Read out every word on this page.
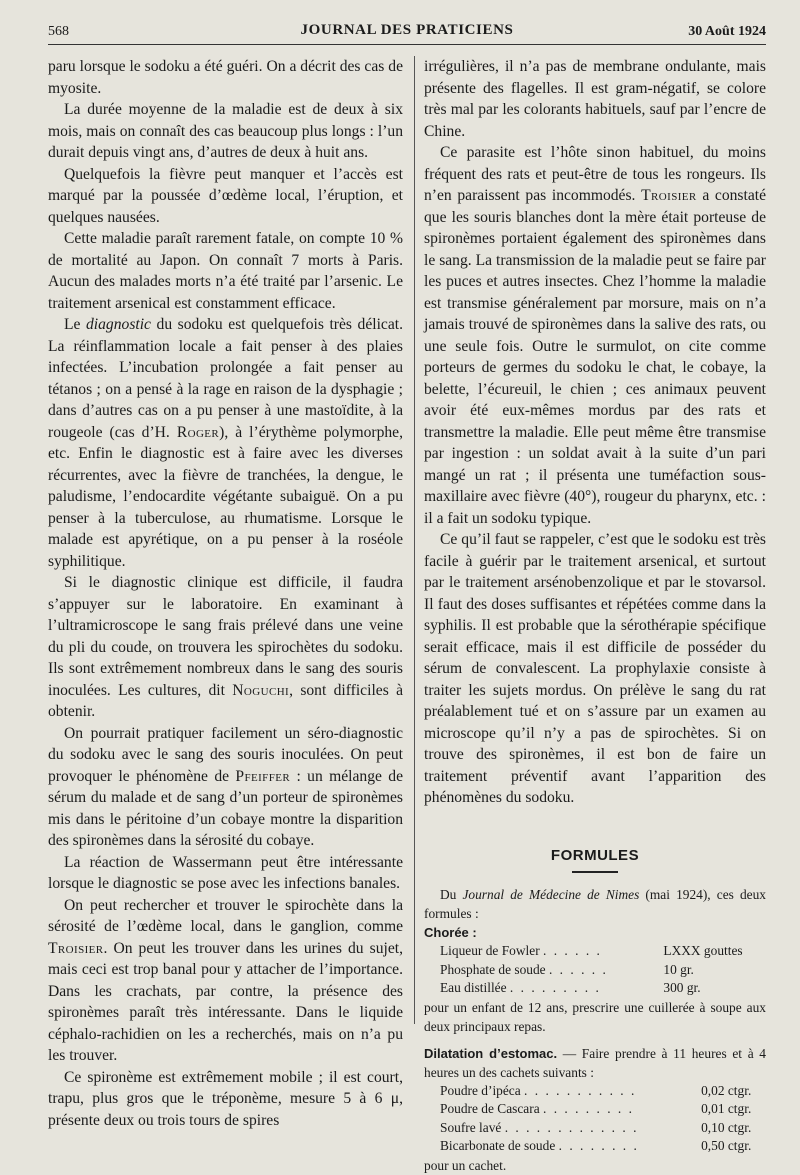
568	JOURNAL DES PRATICIENS	30 Août 1924

paru lorsque le sodoku a été guéri. On a décrit des cas de myosite.

La durée moyenne de la maladie est de deux à six mois, mais on connaît des cas beaucoup plus longs : l’un durait depuis vingt ans, d’autres de deux à huit ans.

Quelquefois la fièvre peut manquer et l’accès est marqué par la poussée d’œdème local, l’éruption, et quelques nausées.

Cette maladie paraît rarement fatale, on compte 10 % de mortalité au Japon. On connaît 7 morts à Paris. Aucun des malades morts n’a été traité par l’arsenic. Le traitement arsenical est constamment efficace.

Le diagnostic du sodoku est quelquefois très délicat. La réinflammation locale a fait penser à des plaies infectées. L’incubation prolongée a fait penser au tétanos ; on a pensé à la rage en raison de la dysphagie ; dans d’autres cas on a pu penser à une mastoïdite, à la rougeole (cas d’H. Roger), à l’érythème polymorphe, etc. Enfin le diagnostic est à faire avec les diverses récurrentes, avec la fièvre de tranchées, la dengue, le paludisme, l’endocardite végétante subaiguë. On a pu penser à la tuberculose, au rhumatisme. Lorsque le malade est apyrétique, on a pu penser à la roséole syphilitique.

Si le diagnostic clinique est difficile, il faudra s’appuyer sur le laboratoire. En examinant à l’ultramicroscope le sang frais prélevé dans une veine du pli du coude, on trouvera les spirochètes du sodoku. Ils sont extrêmement nombreux dans le sang des souris inoculées. Les cultures, dit Noguchi, sont difficiles à obtenir.

On pourrait pratiquer facilement un séro-diagnostic du sodoku avec le sang des souris inoculées. On peut provoquer le phénomène de Pfeiffer : un mélange de sérum du malade et de sang d’un porteur de spironèmes mis dans le péritoine d’un cobaye montre la disparition des spironèmes dans la sérosité du cobaye.

La réaction de Wassermann peut être intéressante lorsque le diagnostic se pose avec les infections banales.

On peut rechercher et trouver le spirochète dans la sérosité de l’œdème local, dans le ganglion, comme Troisier. On peut les trouver dans les urines du sujet, mais ceci est trop banal pour y attacher de l’importance. Dans les crachats, par contre, la présence des spironèmes paraît très intéressante. Dans le liquide céphalo-rachidien on les a recherchés, mais on n’a pu les trouver.

Ce spironème est extrêmement mobile ; il est court, trapu, plus gros que le tréponème, mesure 5 à 6 μ, présente deux ou trois tours de spires

irrégulières, il n’a pas de membrane ondulante, mais présente des flagelles. Il est gram-négatif, se colore très mal par les colorants habituels, sauf par l’encre de Chine.

Ce parasite est l’hôte sinon habituel, du moins fréquent des rats et peut-être de tous les rongeurs. Ils n’en paraissent pas incommodés. Troisier a constaté que les souris blanches dont la mère était porteuse de spironèmes portaient également des spironèmes dans le sang. La transmission de la maladie peut se faire par les puces et autres insectes. Chez l’homme la maladie est transmise généralement par morsure, mais on n’a jamais trouvé de spironèmes dans la salive des rats, ou une seule fois. Outre le surmulot, on cite comme porteurs de germes du sodoku le chat, le cobaye, la belette, l’écureuil, le chien ; ces animaux peuvent avoir été eux-mêmes mordus par des rats et transmettre la maladie. Elle peut même être transmise par ingestion : un soldat avait à la suite d’un pari mangé un rat ; il présenta une tuméfaction sous-maxillaire avec fièvre (40°), rougeur du pharynx, etc. : il a fait un sodoku typique.

Ce qu’il faut se rappeler, c’est que le sodoku est très facile à guérir par le traitement arsenical, et surtout par le traitement arsénobenzolique et par le stovarsol. Il faut des doses suffisantes et répétées comme dans la syphilis. Il est probable que la sérothérapie spécifique serait efficace, mais il est difficile de posséder du sérum de convalescent. La prophylaxie consiste à traiter les sujets mordus. On prélève le sang du rat préalablement tué et on s’assure par un examen au microscope qu’il n’y a pas de spirochètes. Si on trouve des spironèmes, il est bon de faire un traitement préventif avant l’apparition des phénomènes du sodoku.

FORMULES

Du Journal de Médecine de Nimes (mai 1924), ces deux formules :

Chorée :
Liqueur de Fowler . . . . . .	LXXX gouttes
Phosphate de soude . . . . . .	10 gr.
Eau distillée . . . . . . . . .	300 gr.

pour un enfant de 12 ans, prescrire une cuillerée à soupe aux deux principaux repas.

Dilatation d’estomac. — Faire prendre à 11 heures et à 4 heures un des cachets suivants :

Poudre d’ipéca . . . . . . . . . . .	0,02 ctgr.
Poudre de Cascara . . . . . . . . .	0,01 ctgr.
Soufre lavé . . . . . . . . . . . . .	0,10 ctgr.
Bicarbonate de soude . . . . . . . .	0,50 ctgr.

pour un cachet.
